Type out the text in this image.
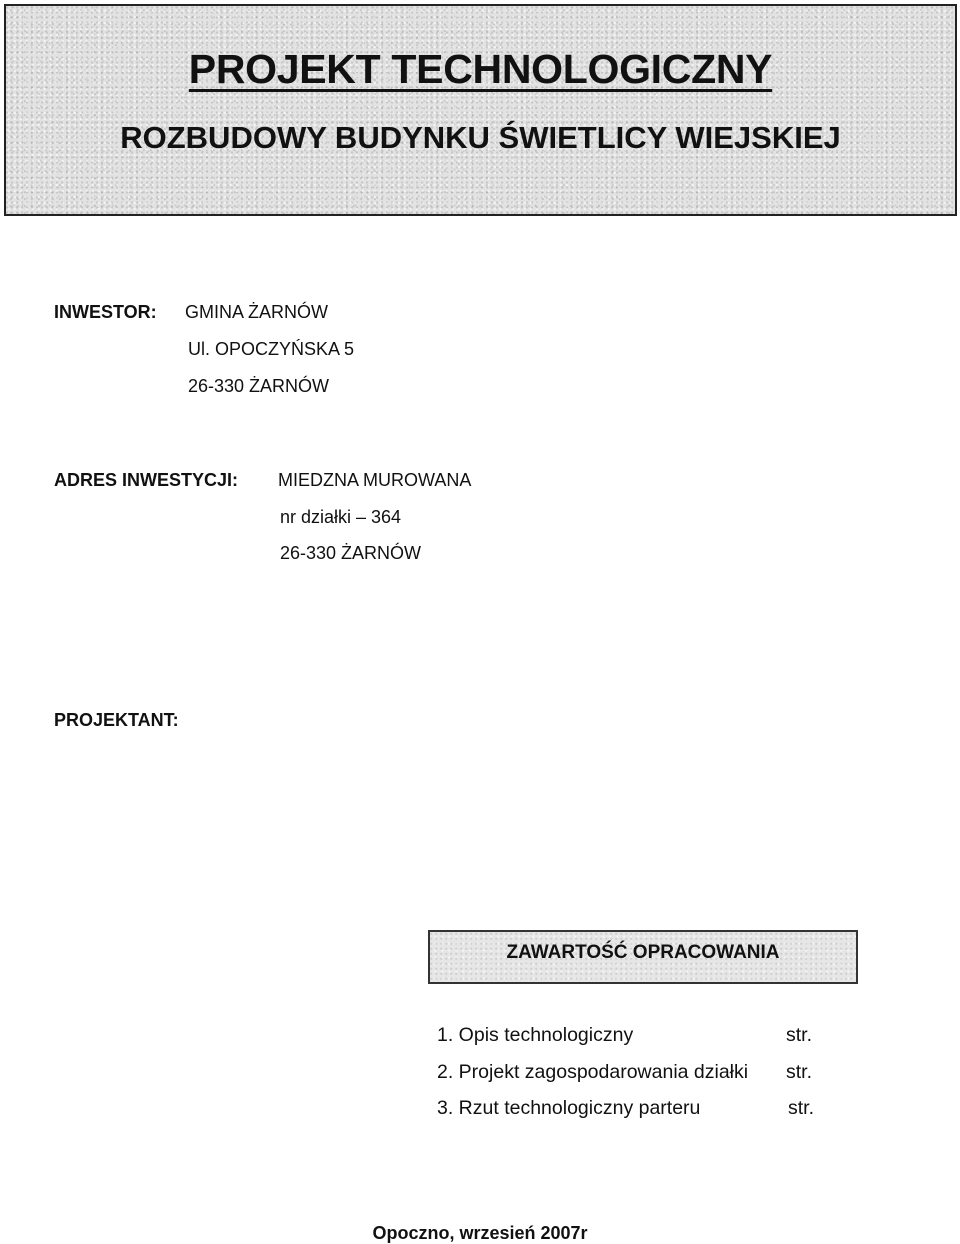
PROJEKT TECHNOLOGICZNY
ROZBUDOWY BUDYNKU ŚWIETLICY WIEJSKIEJ
INWESTOR: GMINA ŻARNÓW
Ul. OPOCZYŃSKA 5
26-330 ŻARNÓW
ADRES INWESTYCJI: MIEDZNA MUROWANA
nr działki – 364
26-330 ŻARNÓW
PROJEKTANT:
ZAWARTOŚĆ OPRACOWANIA
1. Opis technologiczny	str.
2. Projekt zagospodarowania działki str.
3. Rzut technologiczny parteru	str.
Opoczno, wrzesień 2007r
